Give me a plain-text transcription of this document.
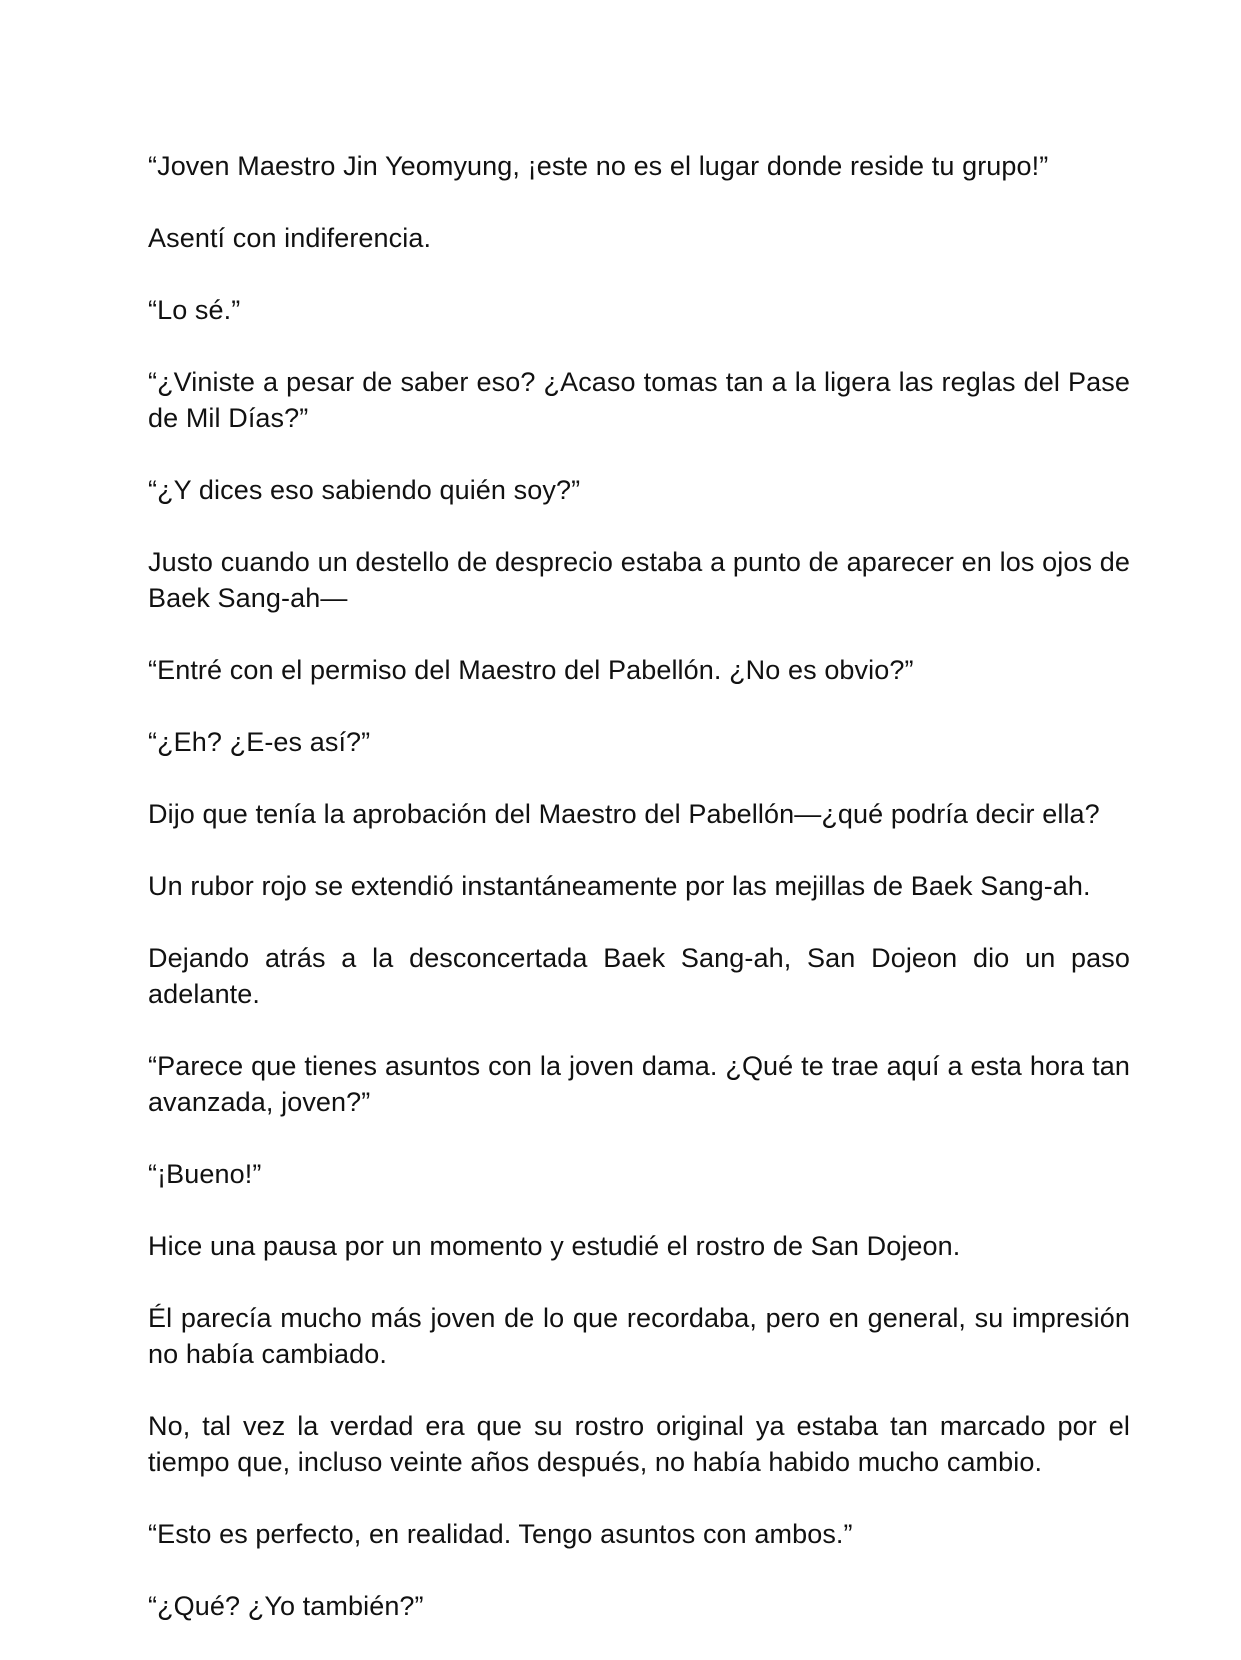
“Joven Maestro Jin Yeomyung, ¡este no es el lugar donde reside tu grupo!”

Asentí con indiferencia.

“Lo sé.”

“¿Viniste a pesar de saber eso? ¿Acaso tomas tan a la ligera las reglas del Pase de Mil Días?”

“¿Y dices eso sabiendo quién soy?”

Justo cuando un destello de desprecio estaba a punto de aparecer en los ojos de Baek Sang-ah—

“Entré con el permiso del Maestro del Pabellón. ¿No es obvio?”

“¿Eh? ¿E-es así?”

Dijo que tenía la aprobación del Maestro del Pabellón—¿qué podría decir ella?

Un rubor rojo se extendió instantáneamente por las mejillas de Baek Sang-ah.

Dejando atrás a la desconcertada Baek Sang-ah, San Dojeon dio un paso adelante.

“Parece que tienes asuntos con la joven dama. ¿Qué te trae aquí a esta hora tan avanzada, joven?”

“¡Bueno!”

Hice una pausa por un momento y estudié el rostro de San Dojeon.

Él parecía mucho más joven de lo que recordaba, pero en general, su impresión no había cambiado.

No, tal vez la verdad era que su rostro original ya estaba tan marcado por el tiempo que, incluso veinte años después, no había habido mucho cambio.

“Esto es perfecto, en realidad. Tengo asuntos con ambos.”

“¿Qué? ¿Yo también?”
